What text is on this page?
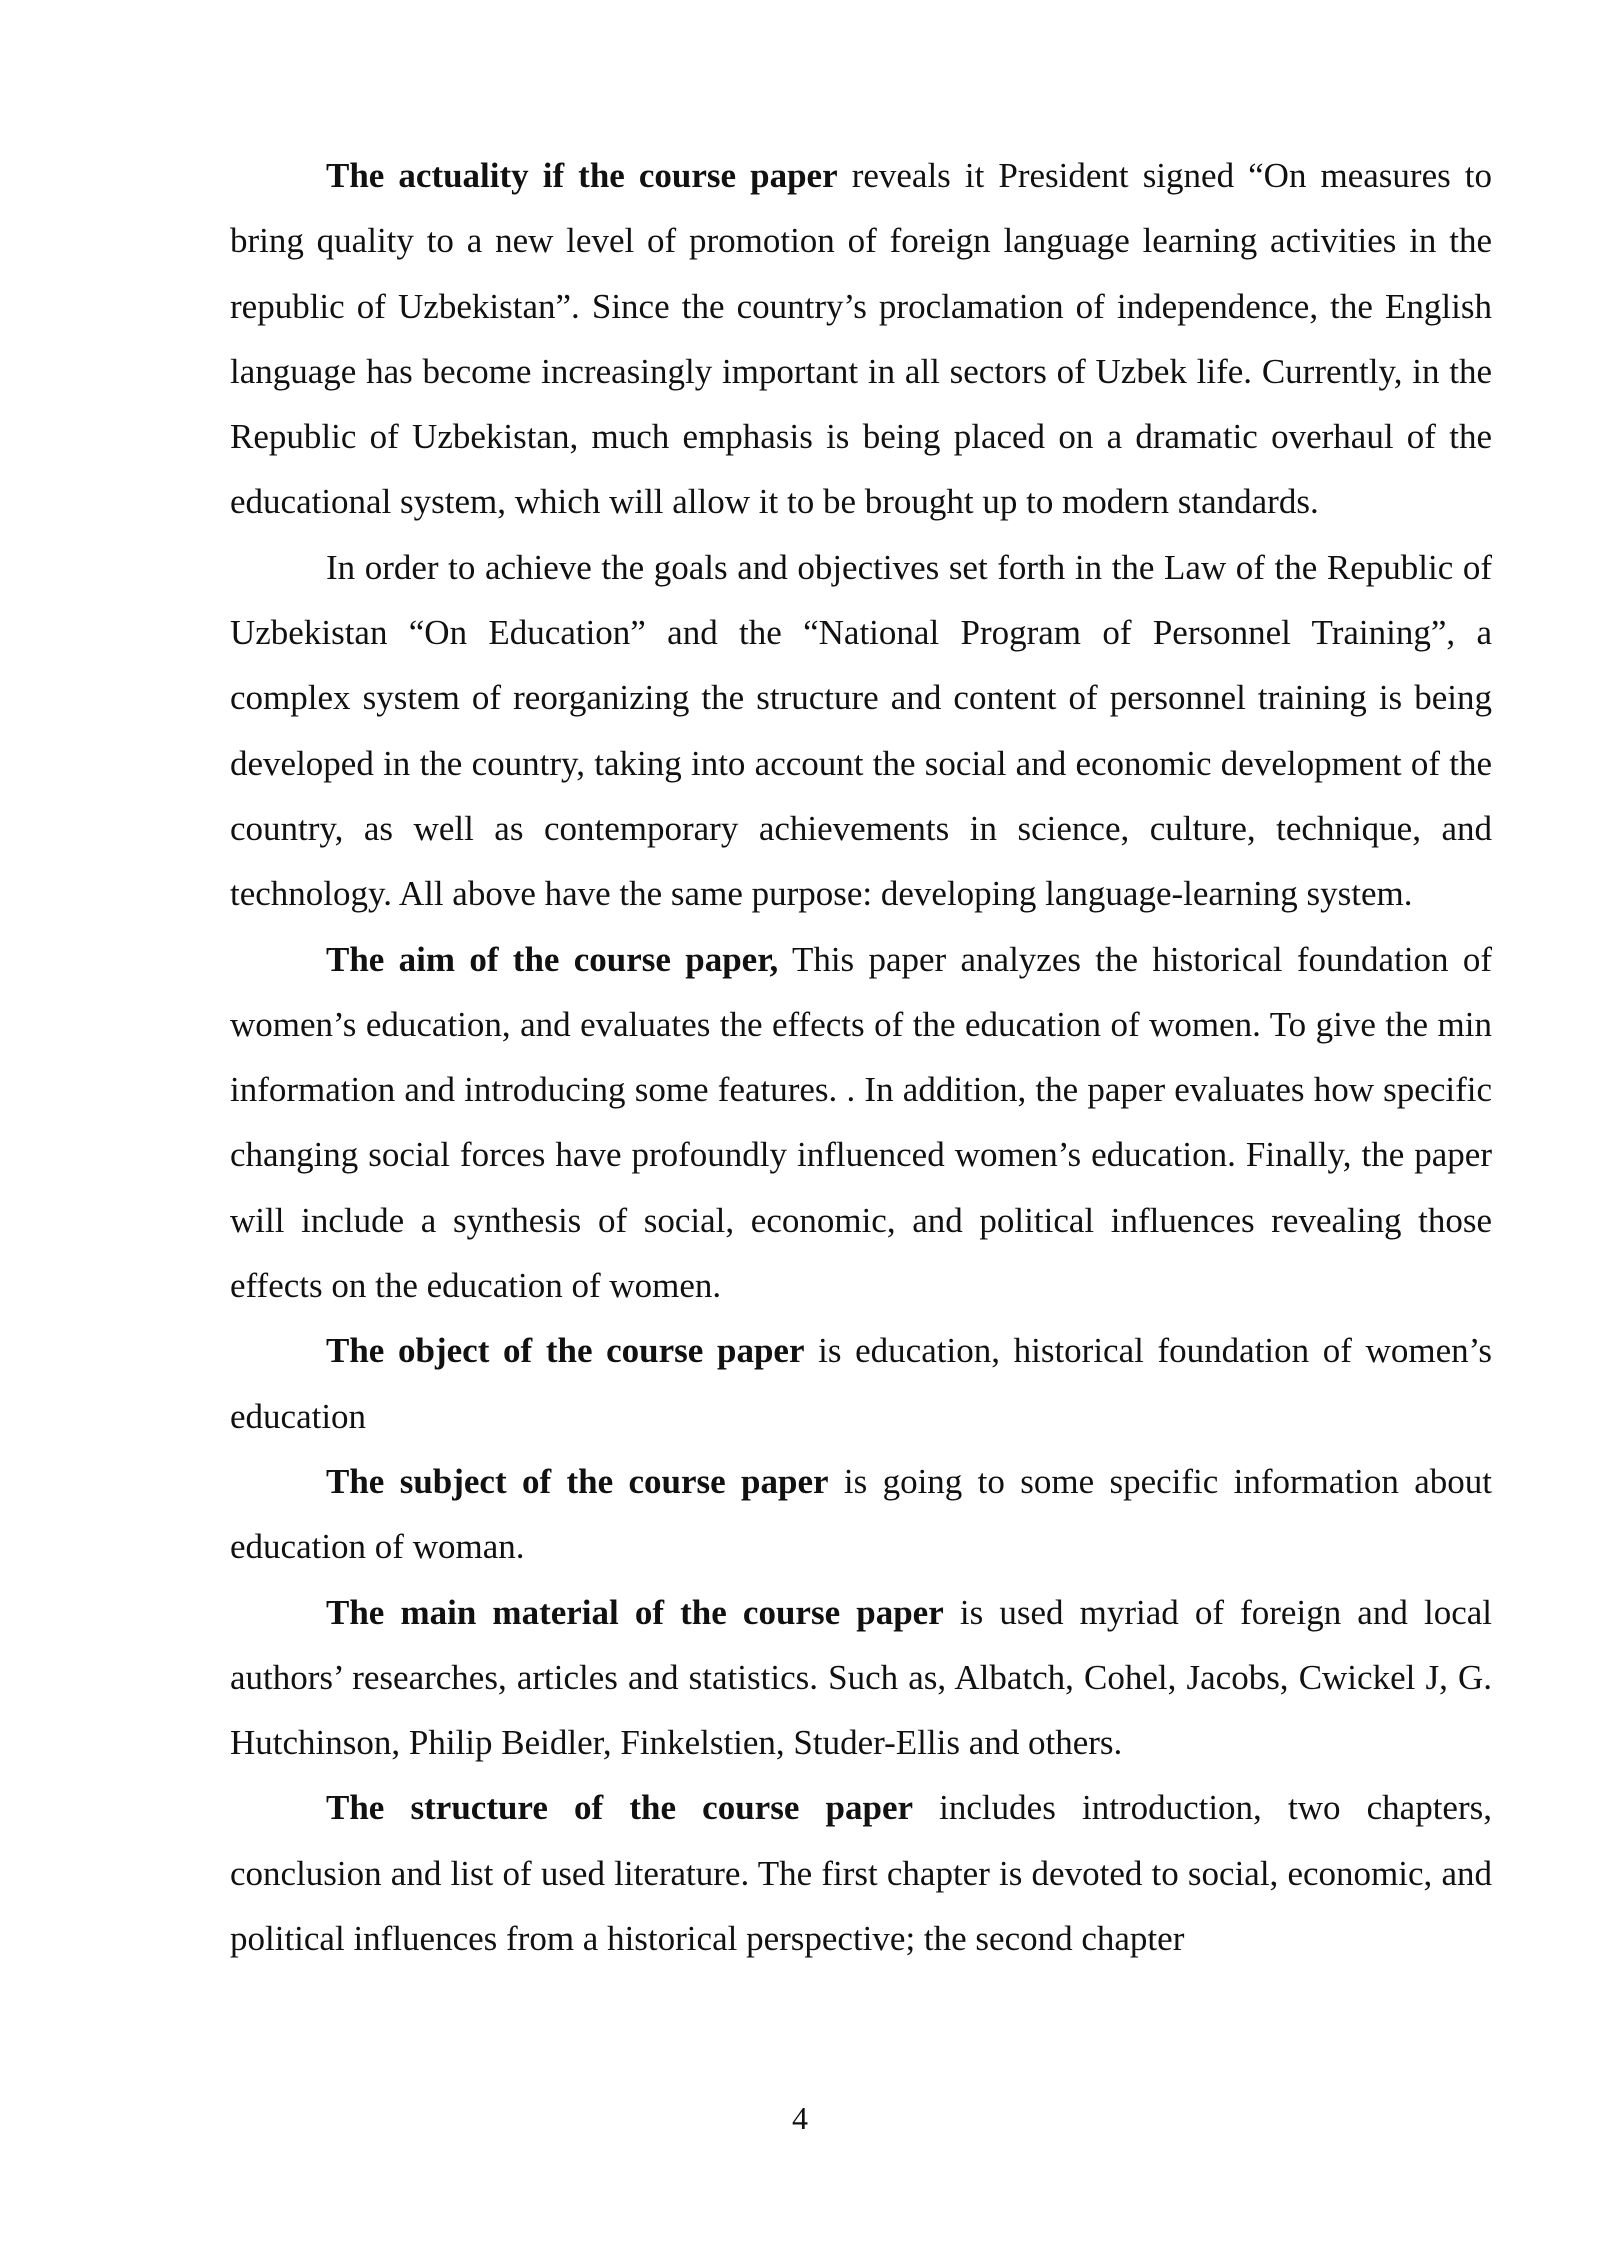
The actuality if the course paper reveals it President signed “On measures to bring quality to a new level of promotion of foreign language learning activities in the republic of Uzbekistan”. Since the country’s proclamation of independence, the English language has become increasingly important in all sectors of Uzbek life. Currently, in the Republic of Uzbekistan, much emphasis is being placed on a dramatic overhaul of the educational system, which will allow it to be brought up to modern standards.

In order to achieve the goals and objectives set forth in the Law of the Republic of Uzbekistan “On Education” and the “National Program of Personnel Training”, a complex system of reorganizing the structure and content of personnel training is being developed in the country, taking into account the social and economic development of the country, as well as contemporary achievements in science, culture, technique, and technology. All above have the same purpose: developing language-learning system.

The aim of the course paper, This paper analyzes the historical foundation of women’s education, and evaluates the effects of the education of women. To give the min information and introducing some features. . In addition, the paper evaluates how specific changing social forces have profoundly influenced women’s education. Finally, the paper will include a synthesis of social, economic, and political influences revealing those effects on the education of women.

The object of the course paper is education, historical foundation of women’s education

The subject of the course paper is going to some specific information about education of woman.

The main material of the course paper is used myriad of foreign and local authors’ researches, articles and statistics. Such as, Albatch, Cohel, Jacobs, Cwickel J, G. Hutchinson, Philip Beidler, Finkelstien, Studer-Ellis and others.

The structure of the course paper includes introduction, two chapters, conclusion and list of used literature. The first chapter is devoted to social, economic, and political influences from a historical perspective; the second chapter

4
